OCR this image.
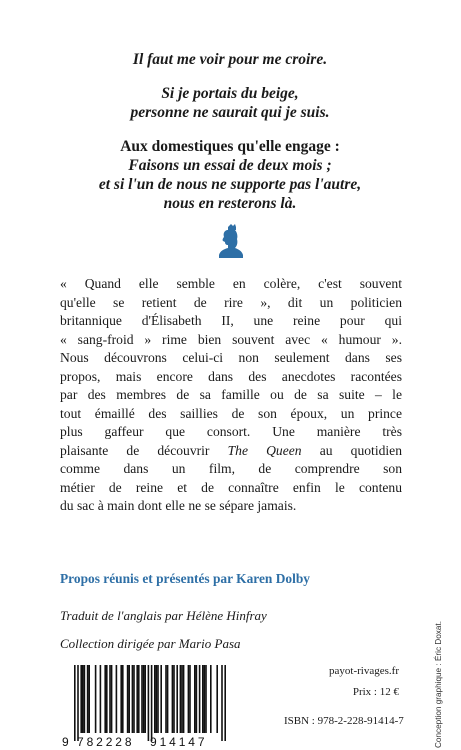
Il faut me voir pour me croire.

Si je portais du beige,
personne ne saurait qui je suis.

Aux domestiques qu'elle engage :
Faisons un essai de deux mois ;
et si l'un de nous ne supporte pas l'autre,
nous en resterons là.

« Quand elle semble en colère, c'est souvent
qu'elle se retient de rire », dit un politicien
britannique d'Élisabeth II, une reine pour qui
« sang-froid » rime bien souvent avec « humour ».
Nous découvrons celui-ci non seulement dans ses
propos, mais encore dans des anecdotes racontées
par des membres de sa famille ou de sa suite – le
tout émaillé des saillies de son époux, un prince
plus gaffeur que consort. Une manière très
plaisante de découvrir The Queen au quotidien
comme dans un film, de comprendre son
métier de reine et de connaître enfin le contenu
du sac à main dont elle ne se sépare jamais.
Propos réunis et présentés par Karen Dolby
Traduit de l'anglais par Hélène Hinfray
Collection dirigée par Mario Pasa
payot-rivages.fr
Prix : 12 €
ISBN : 978-2-228-91414-7
9 782228 914147	Conception graphique : Éric Doxat.
